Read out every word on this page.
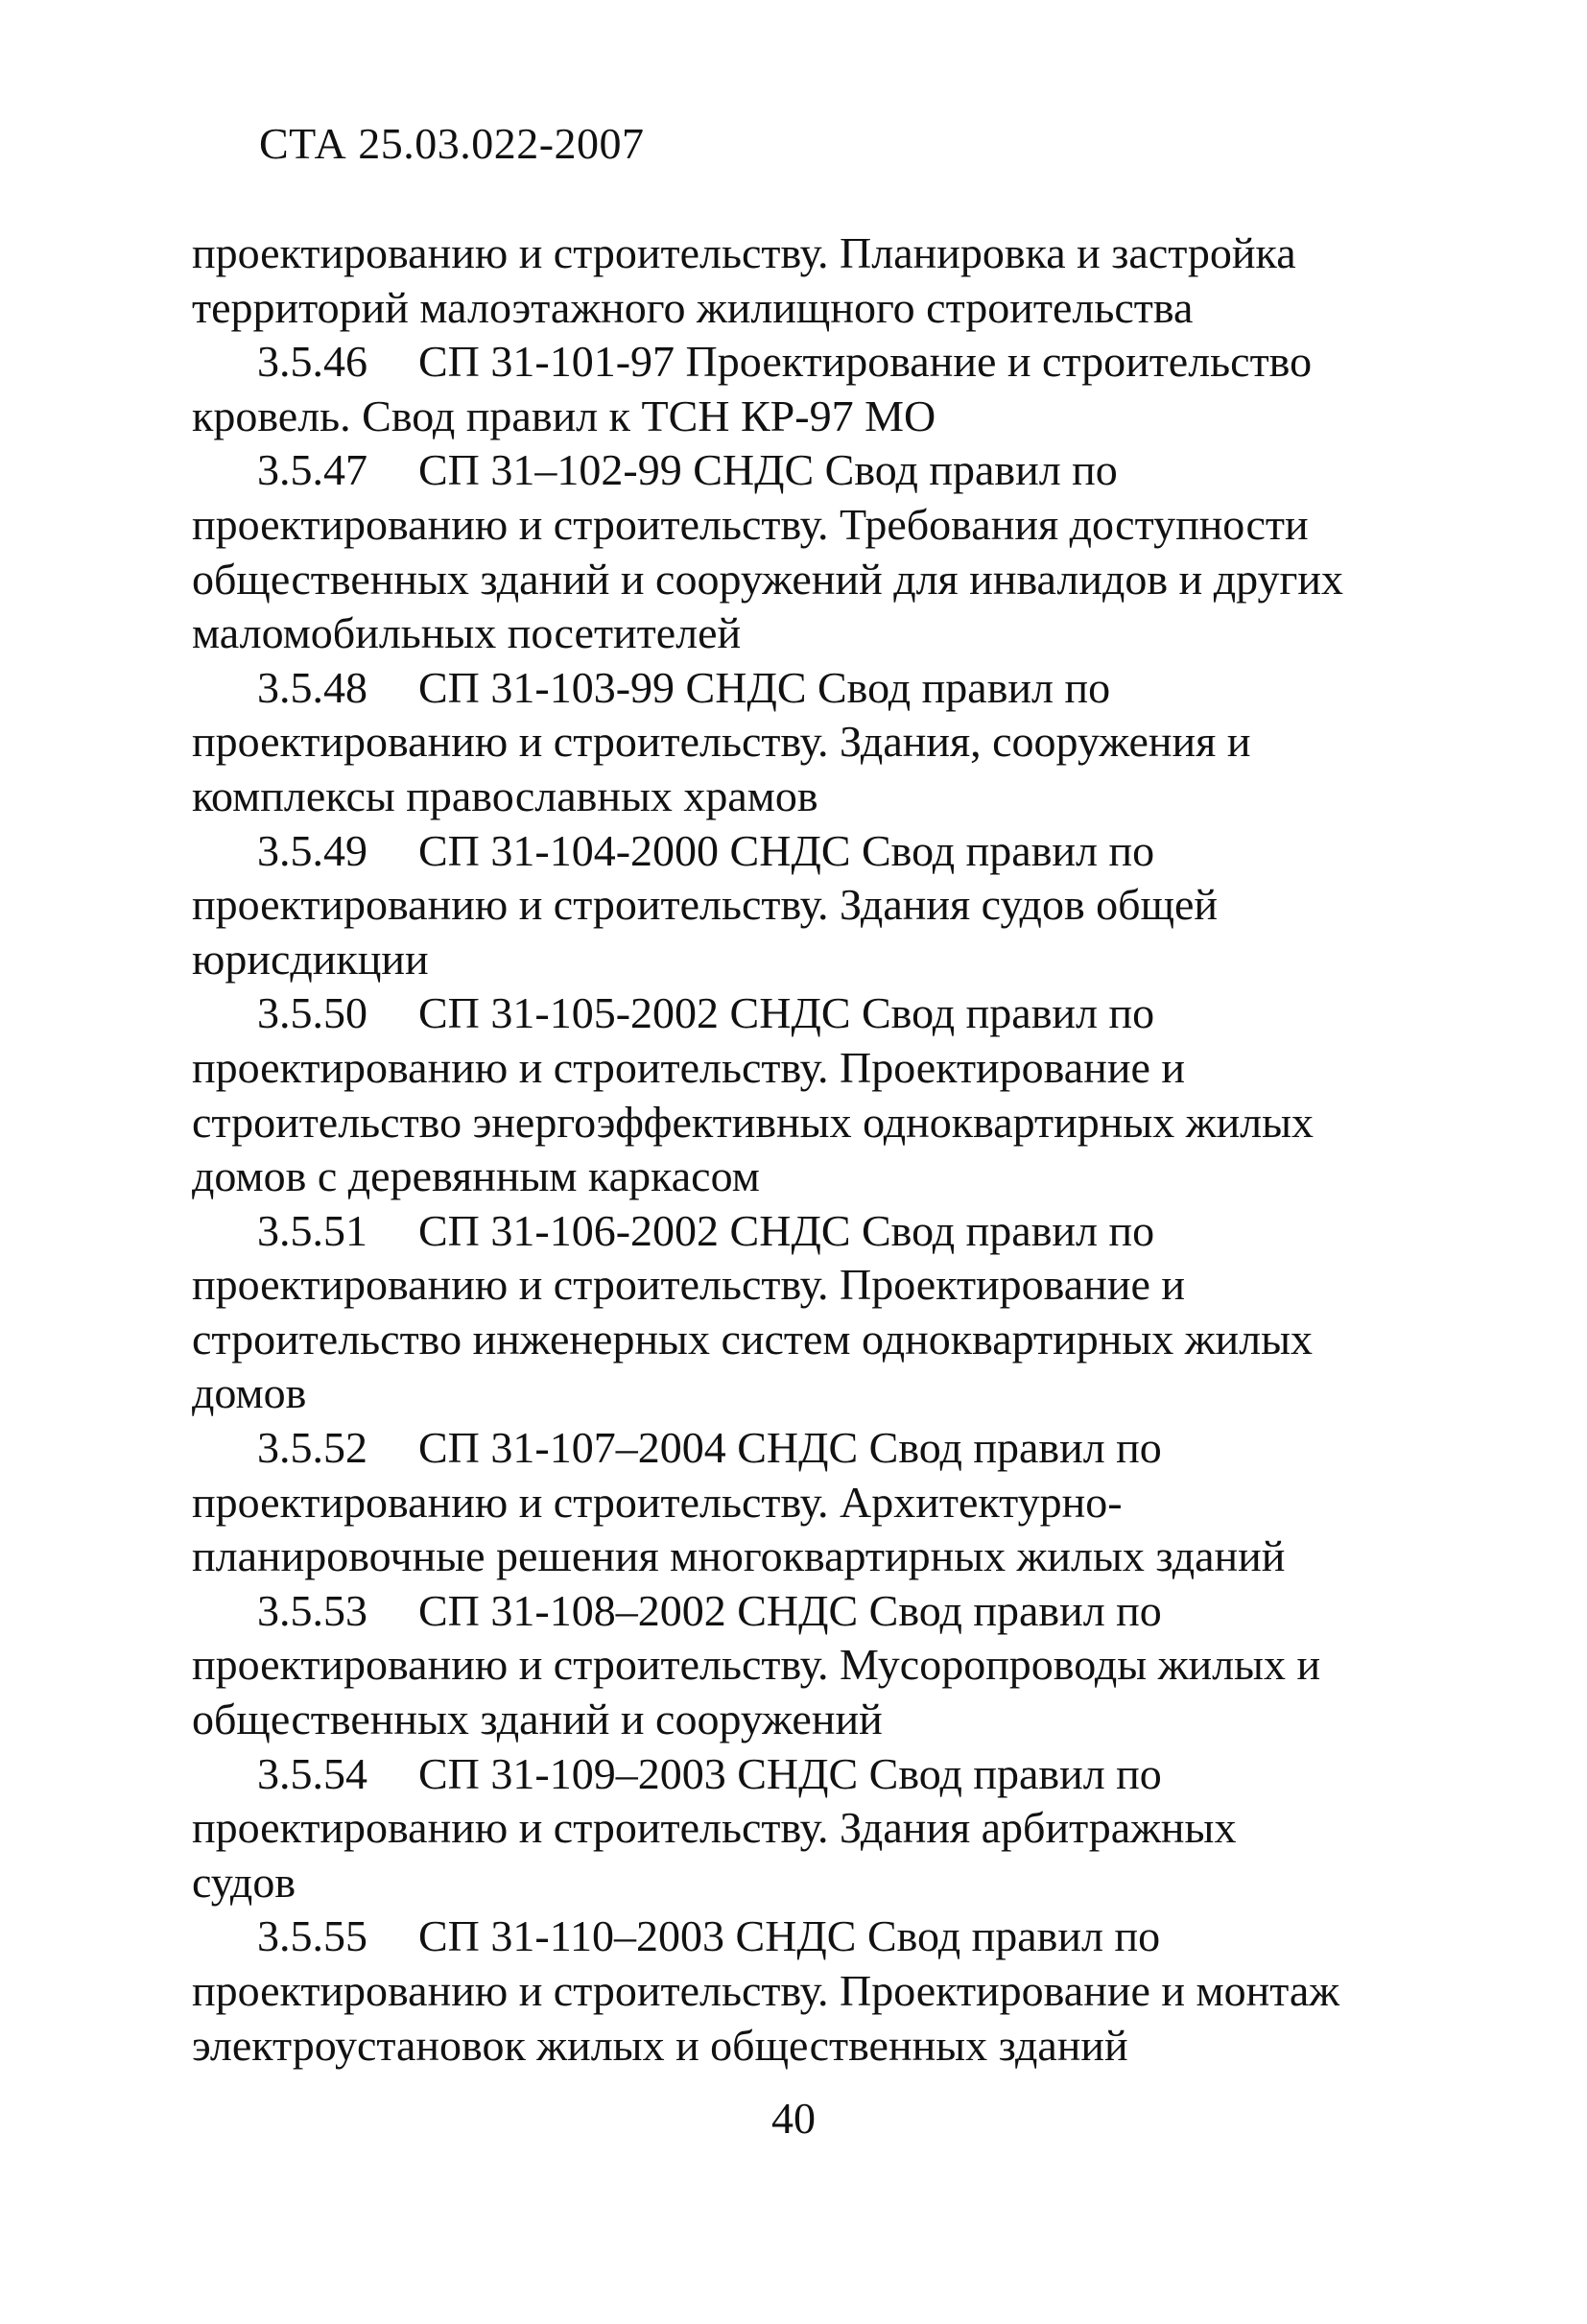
СТА 25.03.022-2007
проектированию и строительству. Планировка и застройка
территорий малоэтажного жилищного строительства
3.5.46 СП 31-101-97 Проектирование и строительство
кровель. Свод правил к ТСН КР-97 МО
3.5.47 СП 31–102-99 СНДС Свод правил по
проектированию и строительству. Требования доступности
общественных зданий и сооружений для инвалидов и других
маломобильных посетителей
3.5.48 СП 31-103-99 СНДС Свод правил по
проектированию и строительству. Здания, сооружения и
комплексы православных храмов
3.5.49 СП 31-104-2000 СНДС Свод правил по
проектированию и строительству. Здания судов общей
юрисдикции
3.5.50 СП 31-105-2002 СНДС Свод правил по
проектированию и строительству. Проектирование и
строительство энергоэффективных одноквартирных жилых
домов с деревянным каркасом
3.5.51 СП 31-106-2002 СНДС Свод правил по
проектированию и строительству. Проектирование и
строительство инженерных систем одноквартирных жилых
домов
3.5.52 СП 31-107–2004 СНДС Свод правил по
проектированию и строительству. Архитектурно-
планировочные решения многоквартирных жилых зданий
3.5.53 СП 31-108–2002 СНДС Свод правил по
проектированию и строительству. Мусоропроводы жилых и
общественных зданий и сооружений
3.5.54 СП 31-109–2003 СНДС Свод правил по
проектированию и строительству. Здания арбитражных
судов
3.5.55 СП 31-110–2003 СНДС Свод правил по
проектированию и строительству. Проектирование и монтаж
электроустановок жилых и общественных зданий
40
